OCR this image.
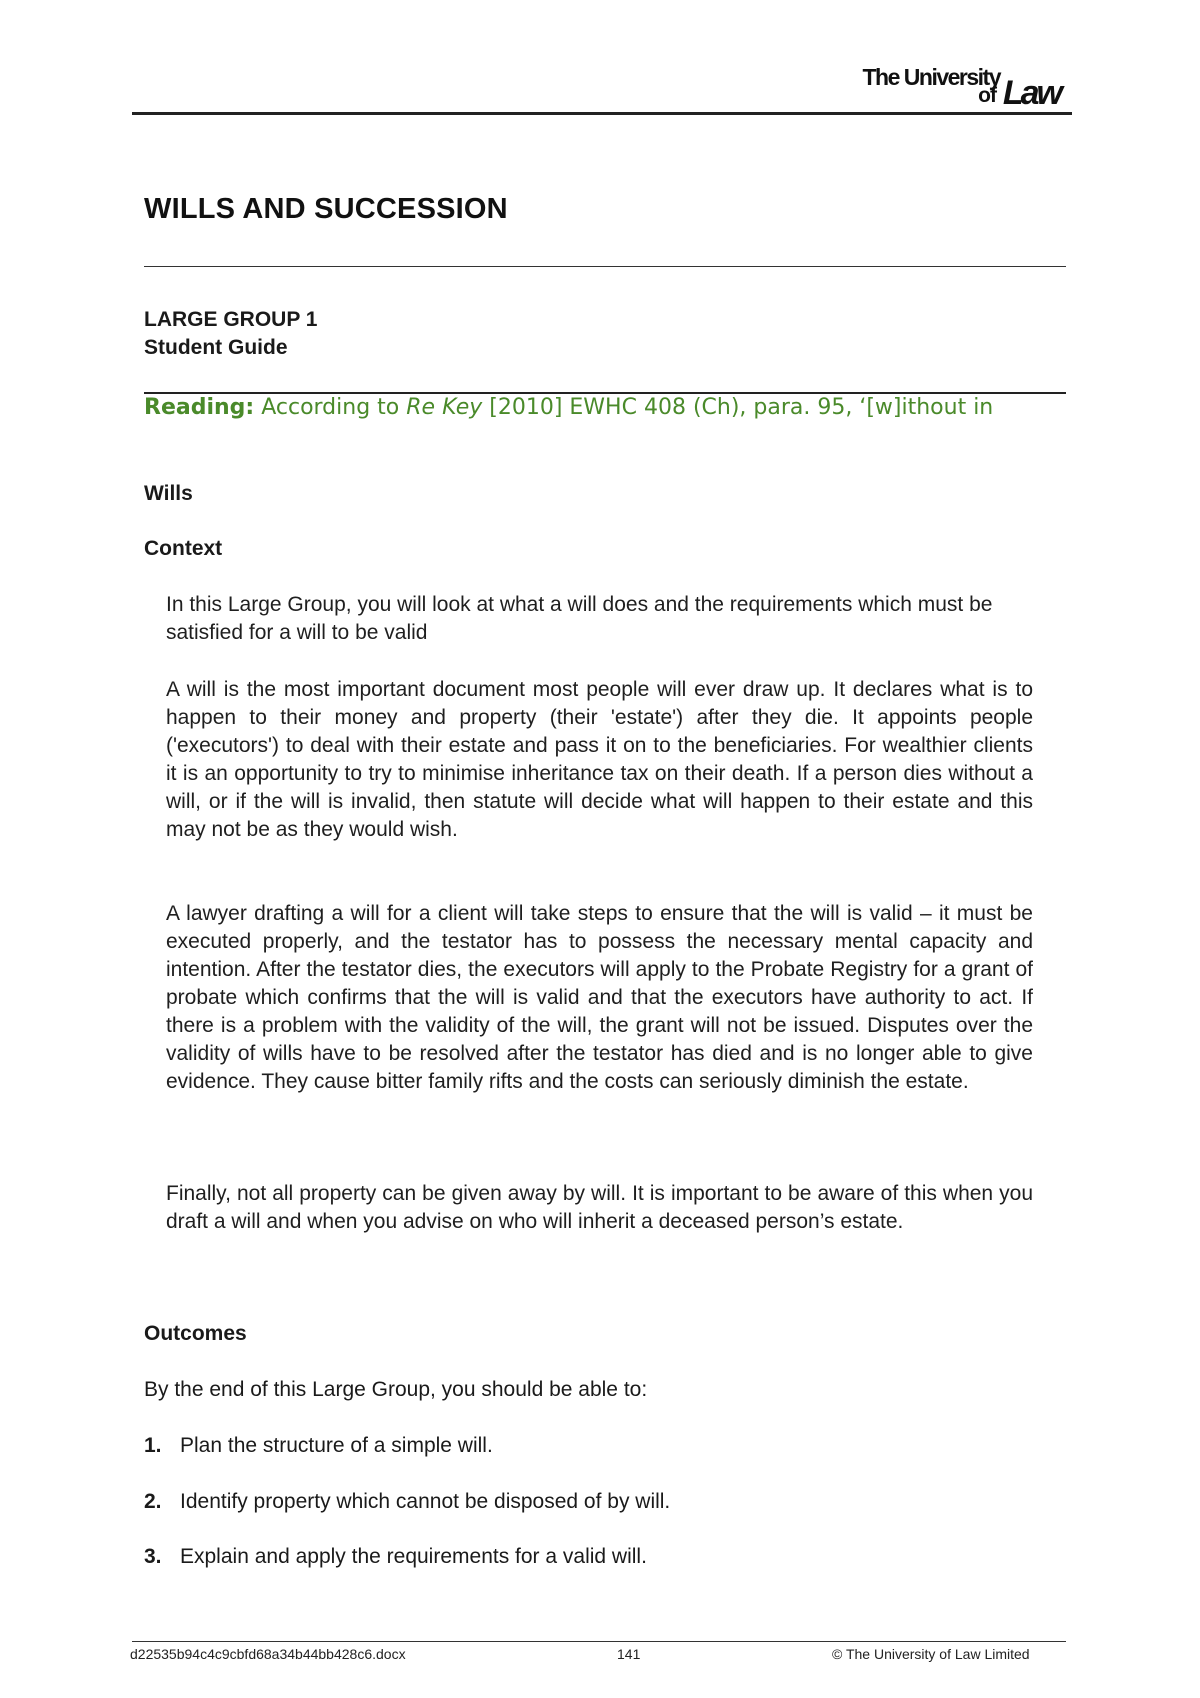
The University
of Law
WILLS AND SUCCESSION
LARGE GROUP 1
Student Guide
Reading: According to Re Key [2010] EWHC 408 (Ch), para. 95, ‘[w]ithout in
Wills
Context
In this Large Group, you will look at what a will does and the requirements which must be satisfied for a will to be valid
A will is the most important document most people will ever draw up. It declares what is to happen to their money and property (their 'estate') after they die. It appoints people ('executors') to deal with their estate and pass it on to the beneficiaries. For wealthier clients it is an opportunity to try to minimise inheritance tax on their death. If a person dies without a will, or if the will is invalid, then statute will decide what will happen to their estate and this may not be as they would wish.
A lawyer drafting a will for a client will take steps to ensure that the will is valid – it must be executed properly, and the testator has to possess the necessary mental capacity and intention. After the testator dies, the executors will apply to the Probate Registry for a grant of probate which confirms that the will is valid and that the executors have authority to act. If there is a problem with the validity of the will, the grant will not be issued. Disputes over the validity of wills have to be resolved after the testator has died and is no longer able to give evidence. They cause bitter family rifts and the costs can seriously diminish the estate.
Finally, not all property can be given away by will. It is important to be aware of this when you draft a will and when you advise on who will inherit a deceased person’s estate.
Outcomes
By the end of this Large Group, you should be able to:
1. Plan the structure of a simple will.
2. Identify property which cannot be disposed of by will.
3. Explain and apply the requirements for a valid will.
d22535b94c4c9cbfd68a34b44bb428c6.docx	141	© The University of Law Limited
